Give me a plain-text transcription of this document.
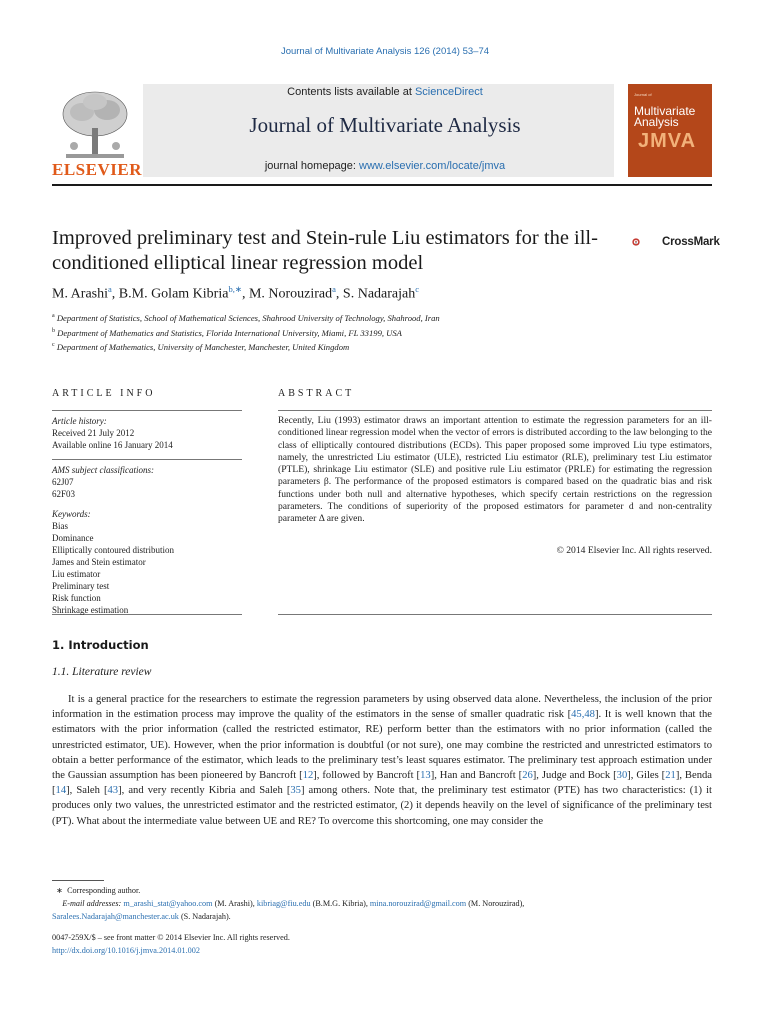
Journal of Multivariate Analysis 126 (2014) 53–74
Contents lists available at ScienceDirect
Journal of Multivariate Analysis
journal homepage: www.elsevier.com/locate/jmva
ELSEVIER
Journal of
Multivariate
Analysis
JMVA
Improved preliminary test and Stein-rule Liu estimators for the ill-conditioned elliptical linear regression model
CrossMark
M. Arashi$^a$, B.M. Golam Kibria$^{b,∗}$, M. Norouzirad$^a$, S. Nadarajah$^c$
$^a$ Department of Statistics, School of Mathematical Sciences, Shahrood University of Technology, Shahrood, Iran
$^b$ Department of Mathematics and Statistics, Florida International University, Miami, FL 33199, USA
$^c$ Department of Mathematics, University of Manchester, Manchester, United Kingdom
ARTICLE INFO	ABSTRACT
Article history:
Received 21 July 2012
Available online 16 January 2014
AMS subject classifications:
62J07
62F03
Keywords:
Bias
Dominance
Elliptically contoured distribution
James and Stein estimator
Liu estimator
Preliminary test
Risk function
Shrinkage estimation
Recently, Liu (1993) estimator draws an important attention to estimate the regression parameters for an ill-conditioned linear regression model when the vector of errors is distributed according to the law belonging to the class of elliptically contoured distributions (ECDs). This paper proposed some improved Liu type estimators, namely, the unrestricted Liu estimator (ULE), restricted Liu estimator (RLE), preliminary test Liu estimator (PTLE), shrinkage Liu estimator (SLE) and positive rule Liu estimator (PRLE) for estimating the regression parameters β. The performance of the proposed estimators is compared based on the quadratic bias and risk functions under both null and alternative hypotheses, which specify certain restrictions on the regression parameters. The conditions of superiority of the proposed estimators for parameter d and non-centrality parameter Δ are given.
© 2014 Elsevier Inc. All rights reserved.
1. Introduction
1.1. Literature review
It is a general practice for the researchers to estimate the regression parameters by using observed data alone. Nevertheless, the inclusion of the prior information in the estimation process may improve the quality of the estimators in the sense of smaller quadratic risk [45,48]. It is well known that the estimators with the prior information (called the restricted estimator, RE) perform better than the estimators with no prior information (called the unrestricted estimator, UE). However, when the prior information is doubtful (or not sure), one may combine the restricted and unrestricted estimators to obtain a better performance of the estimator, which leads to the preliminary test’s least squares estimator. The preliminary test approach estimation under the Gaussian assumption has been pioneered by Bancroft [12], followed by Bancroft [13], Han and Bancroft [26], Judge and Bock [30], Giles [21], Benda [14], Saleh [43], and very recently Kibria and Saleh [35] among others. Note that, the preliminary test estimator (PTE) has two characteristics: (1) it produces only two values, the unrestricted estimator and the restricted estimator, (2) it depends heavily on the level of significance of the preliminary test (PT). What about the intermediate value between UE and RE? To overcome this shortcoming, one may consider the
∗ Corresponding author.
E-mail addresses: m_arashi_stat@yahoo.com (M. Arashi), kibriag@fiu.edu (B.M.G. Kibria), mina.norouzirad@gmail.com (M. Norouzirad),
Saralees.Nadarajah@manchester.ac.uk (S. Nadarajah).
0047-259X/$ – see front matter © 2014 Elsevier Inc. All rights reserved.
http://dx.doi.org/10.1016/j.jmva.2014.01.002
